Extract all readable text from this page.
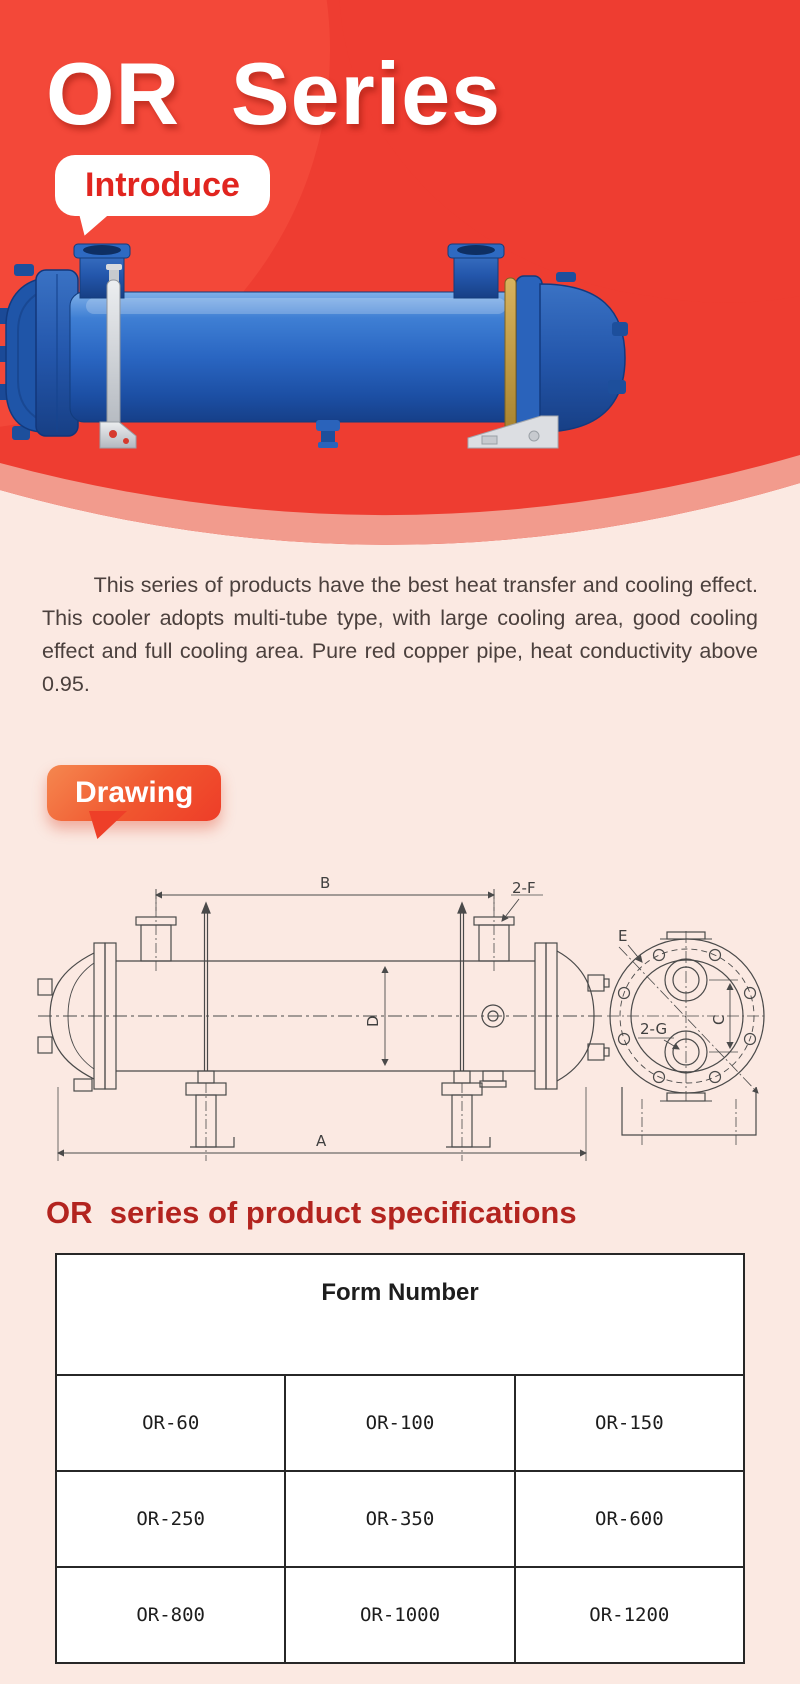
OR  Series
Introduce

This series of products have the best heat transfer and cooling effect. This cooler adopts multi-tube type, with large cooling area, good cooling effect and full cooling area. Pure red copper pipe, heat conductivity above 0.95.

Drawing
B	2-F
D
A
E
2-G
C
OR  series of product specifications
Form Number		
OR-60	OR-100	OR-150
OR-250	OR-350	OR-600
OR-800	OR-1000	OR-1200
